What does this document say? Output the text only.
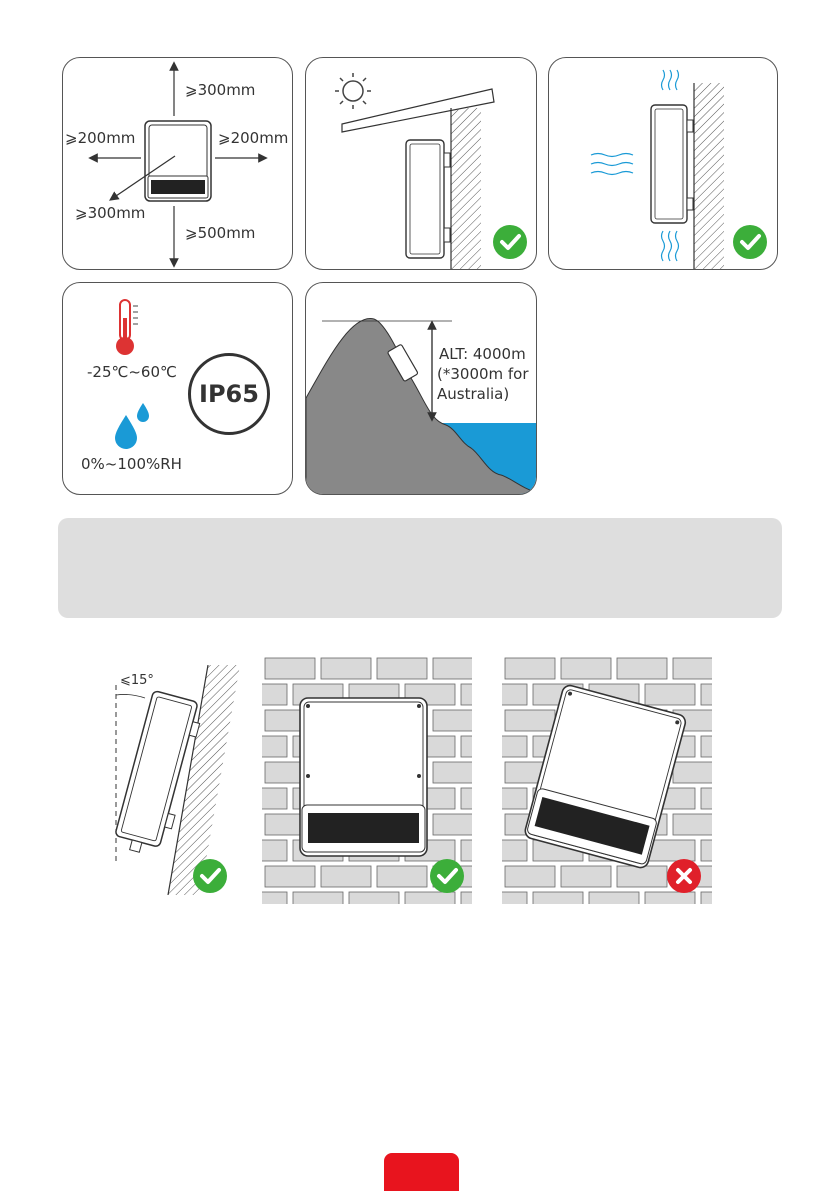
⩾300mm
⩾200mm	⩾200mm
⩾300mm
⩾500mm
-25℃~60℃
0%~100%RH
IP65
ALT: 4000m
(*3000m for
Australia)
⩽15°
